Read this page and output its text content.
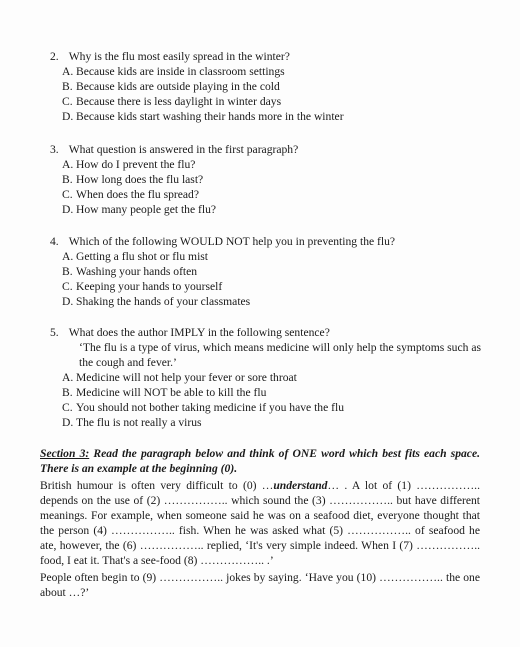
2. Why is the flu most easily spread in the winter?
A. Because kids are inside in classroom settings
B. Because kids are outside playing in the cold
C. Because there is less daylight in winter days
D. Because kids start washing their hands more in the winter
3. What question is answered in the first paragraph?
A. How do I prevent the flu?
B. How long does the flu last?
C. When does the flu spread?
D. How many people get the flu?
4. Which of the following WOULD NOT help you in preventing the flu?
A. Getting a flu shot or flu mist
B. Washing your hands often
C. Keeping your hands to yourself
D. Shaking the hands of your classmates
5. What does the author IMPLY in the following sentence?
‘The flu is a type of virus, which means medicine will only help the symptoms such as the cough and fever.’
A. Medicine will not help your fever or sore throat
B. Medicine will NOT be able to kill the flu
C. You should not bother taking medicine if you have the flu
D. The flu is not really a virus
Section 3: Read the paragraph below and think of ONE word which best fits each space. There is an example at the beginning (0).
British humour is often very difficult to (0) …understand… . A lot of (1) …………….. depends on the use of (2) …………….. which sound the (3) …………….. but have different meanings. For example, when someone said he was on a seafood diet, everyone thought that the person (4) …………….. fish. When he was asked what (5) …………….. of seafood he ate, however, the (6) …………….. replied, ‘It's very simple indeed. When I (7) …………….. food, I eat it. That's a see-food (8) …………….. .’
People often begin to (9) …………….. jokes by saying. ‘Have you (10) …………….. the one about …?’
